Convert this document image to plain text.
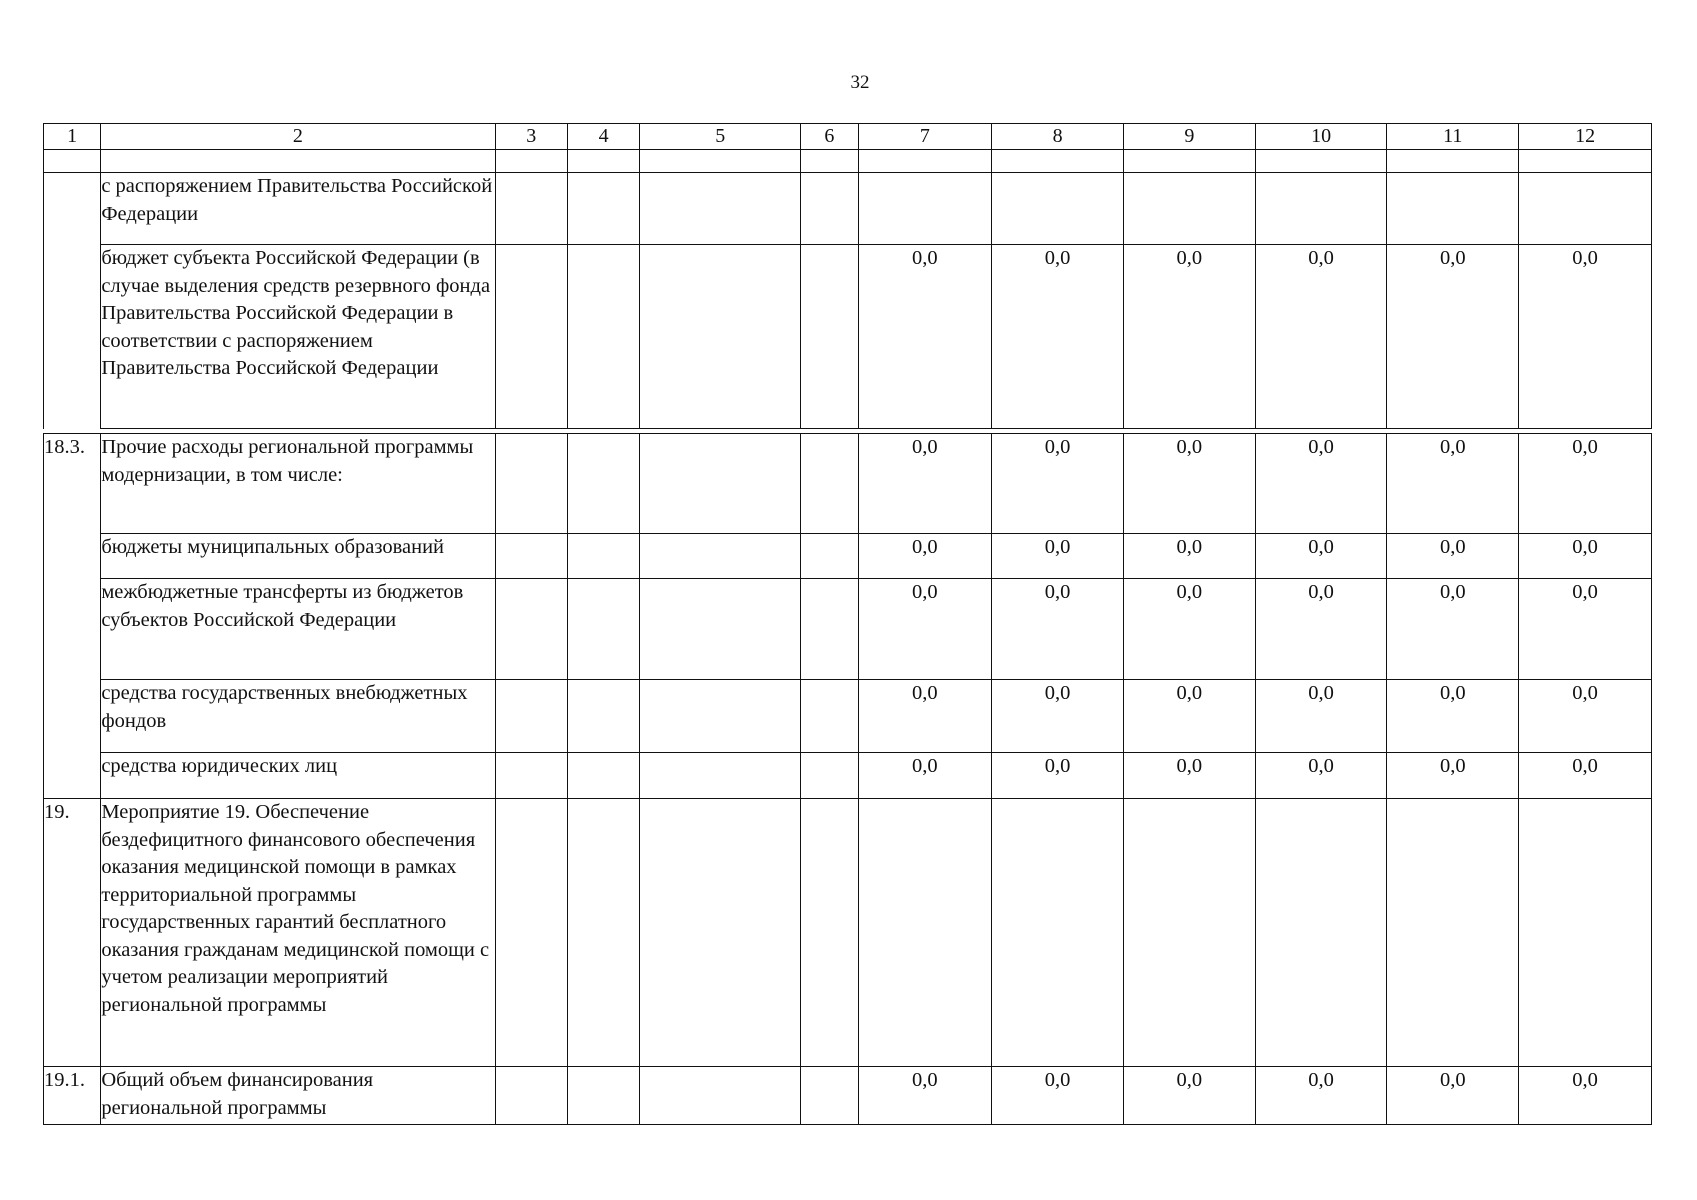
32
1	2	3	4	5	6	7	8	9	10	11	12

	с распоряжением Правительства Российской Федерации										
	бюджет субъекта Российской Федерации (в случае выделения средств резервного фонда Правительства Российской Федерации в соответствии с распоряжением Правительства Российской Федерации					0,0	0,0	0,0	0,0	0,0	0,0
18.3.	Прочие расходы региональной программы модернизации, в том числе:					0,0	0,0	0,0	0,0	0,0	0,0
	бюджеты муниципальных образований					0,0	0,0	0,0	0,0	0,0	0,0
	межбюджетные трансферты из бюджетов субъектов Российской Федерации					0,0	0,0	0,0	0,0	0,0	0,0
	средства государственных внебюджетных фондов					0,0	0,0	0,0	0,0	0,0	0,0
	средства юридических лиц					0,0	0,0	0,0	0,0	0,0	0,0
19.	Мероприятие 19. Обеспечение бездефицитного финансового обеспечения оказания медицинской помощи в рамках территориальной программы государственных гарантий бесплатного оказания гражданам медицинской помощи с учетом реализации мероприятий региональной программы										
19.1.	Общий объем финансирования региональной программы					0,0	0,0	0,0	0,0	0,0	0,0
